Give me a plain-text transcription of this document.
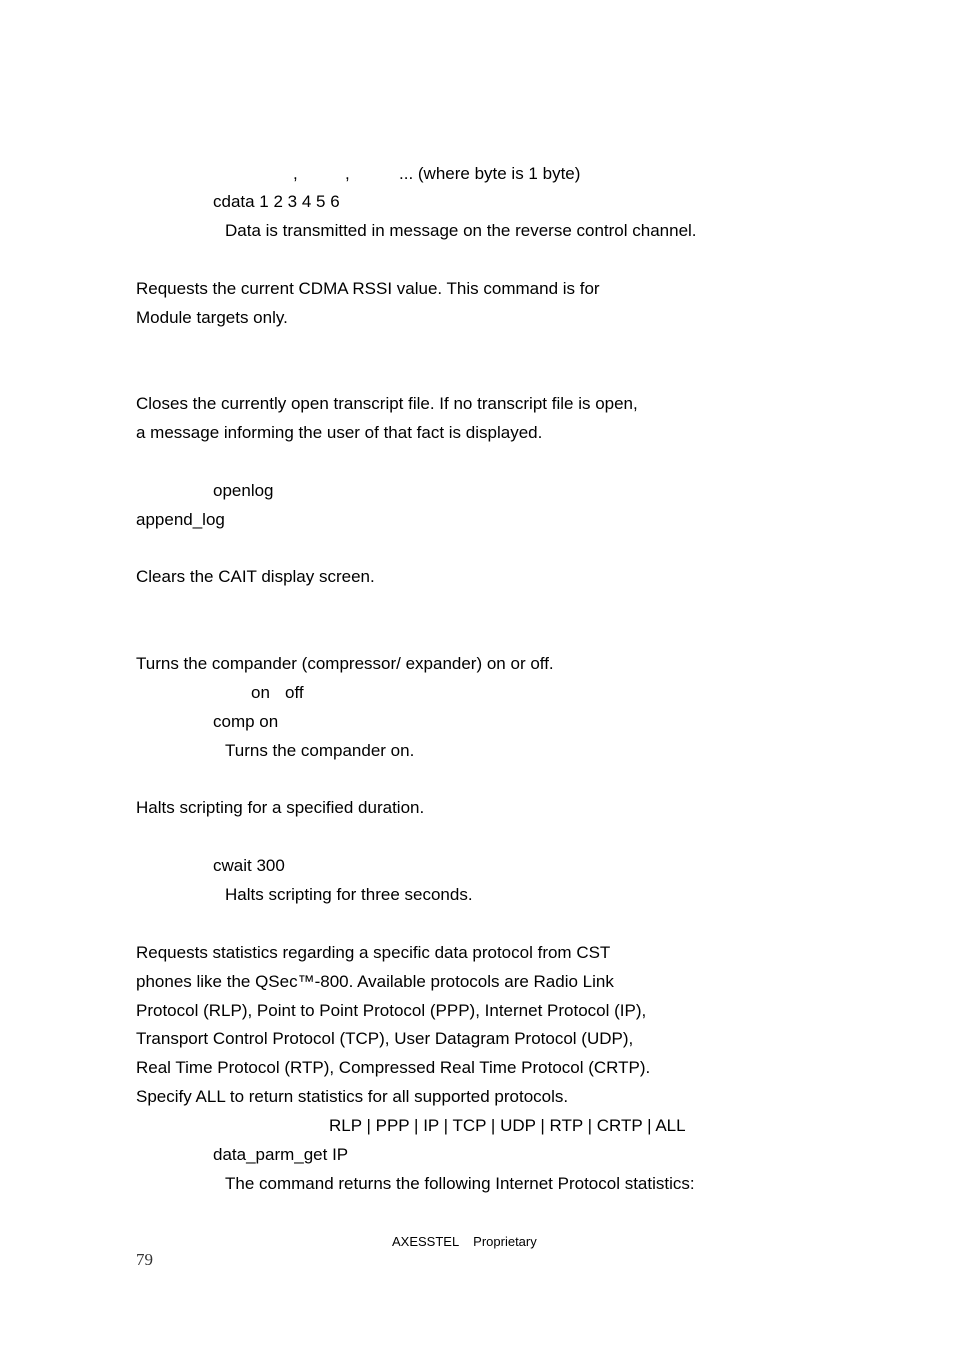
,	,	... (where byte is 1 byte)
cdata 1 2 3 4 5 6
Data is transmitted in message on the reverse control channel.
Requests the current CDMA RSSI value. This command is for
Module targets only.
Closes the currently open transcript file. If no transcript file is open,
a message informing the user of that fact is displayed.
openlog
append_log
Clears the CAIT display screen.
Turns the compander (compressor/ expander) on or off.
on off
comp on
Turns the compander on.
Halts scripting for a specified duration.
cwait 300
Halts scripting for three seconds.
Requests statistics regarding a specific data protocol from CST
phones like the QSec™-800. Available protocols are Radio Link
Protocol (RLP), Point to Point Protocol (PPP), Internet Protocol (IP),
Transport Control Protocol (TCP), User Datagram Protocol (UDP),
Real Time Protocol (RTP), Compressed Real Time Protocol (CRTP).
Specify ALL to return statistics for all supported protocols.
RLP | PPP | IP | TCP | UDP | RTP | CRTP | ALL
data_parm_get IP
The command returns the following Internet Protocol statistics:
AXESSTEL    Proprietary
79
